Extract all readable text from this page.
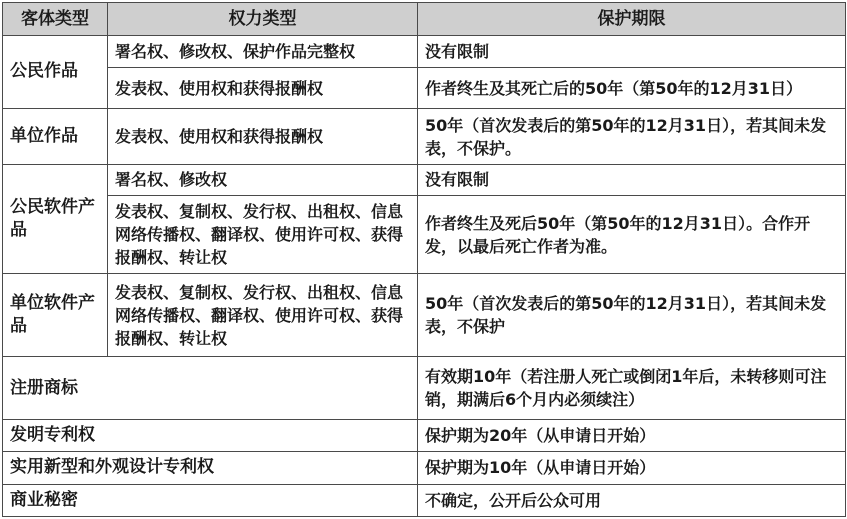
客体类型	权力类型	保护期限
公民作品	署名权、修改权、保护作品完整权	没有限制
	发表权、使用权和获得报酬权	作者终生及其死亡后的50年（第50年的12月31日）
单位作品	发表权、使用权和获得报酬权	50年（首次发表后的第50年的12月31日），若其间未发表，不保护。
公民软件产品	署名权、修改权	没有限制
	发表权、复制权、发行权、出租权、信息网络传播权、翻译权、使用许可权、获得报酬权、转让权	作者终生及死后50年（第50年的12月31日）。合作开发，以最后死亡作者为准。
单位软件产品	发表权、复制权、发行权、出租权、信息网络传播权、翻译权、使用许可权、获得报酬权、转让权	50年（首次发表后的第50年的12月31日），若其间未发表，不保护
注册商标		有效期10年（若注册人死亡或倒闭1年后，未转移则可注销，期满后6个月内必须续注）
发明专利权		保护期为20年（从申请日开始）
实用新型和外观设计专利权		保护期为10年（从申请日开始）
商业秘密		不确定，公开后公众可用
